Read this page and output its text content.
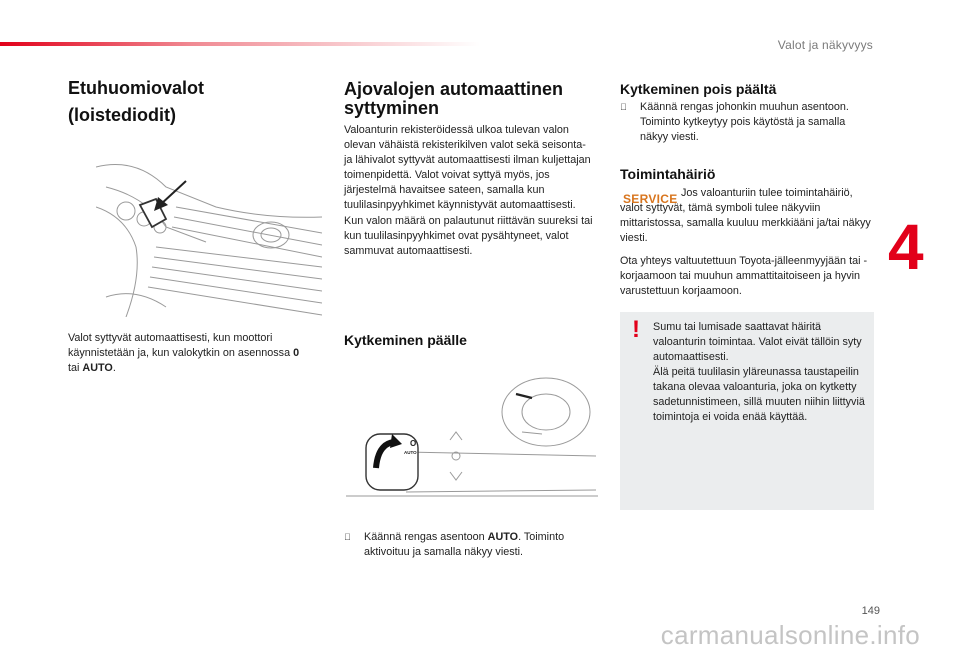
Valot ja näkyvyys
4
Etuhuomiovalot
(loistediodit)
Valot syttyvät automaattisesti, kun moottori käynnistetään ja, kun valokytkin on asennossa 0 tai AUTO.
Ajovalojen automaattinen
syttyminen
Valoanturin rekisteröidessä ulkoa tulevan valon olevan vähäistä rekisterikilven valot sekä seisonta- ja lähivalot syttyvät automaattisesti ilman kuljettajan toimenpidettä. Valot voivat syttyä myös, jos järjestelmä havaitsee sateen, samalla kun tuulilasinpyyhkimet käynnistyvät automaattisesti.
Kun valon määrä on palautunut riittävän suureksi tai kun tuulilasinpyyhkimet ovat pysähtyneet, valot sammuvat automaattisesti.
Kytkeminen päälle
O
AUTO
Käännä rengas asentoon AUTO. Toiminto aktivoituu ja samalla näkyy viesti.
Kytkeminen pois päältä
Käännä rengas johonkin muuhun asentoon. Toiminto kytkeytyy pois käytöstä ja samalla näkyy viesti.
Toimintahäiriö
SERVICE Jos valoanturiin tulee toimintahäiriö, valot syttyvät, tämä symboli tulee näkyviin mittaristossa, samalla kuuluu merkkiääni ja/tai näkyy viesti.
Ota yhteys valtuutettuun Toyota-jälleenmyyjään tai -korjaamoon tai muuhun ammattitaitoiseen ja hyvin varustettuun korjaamoon.
! Sumu tai lumisade saattavat häiritä valoanturin toimintaa. Valot eivät tällöin syty automaattisesti.
Älä peitä tuulilasin yläreunassa taustapeilin takana olevaa valoanturia, joka on kytketty sadetunnistimeen, sillä muuten niihin liittyviä toimintoja ei voida enää käyttää.
149
carmanualsonline.info
